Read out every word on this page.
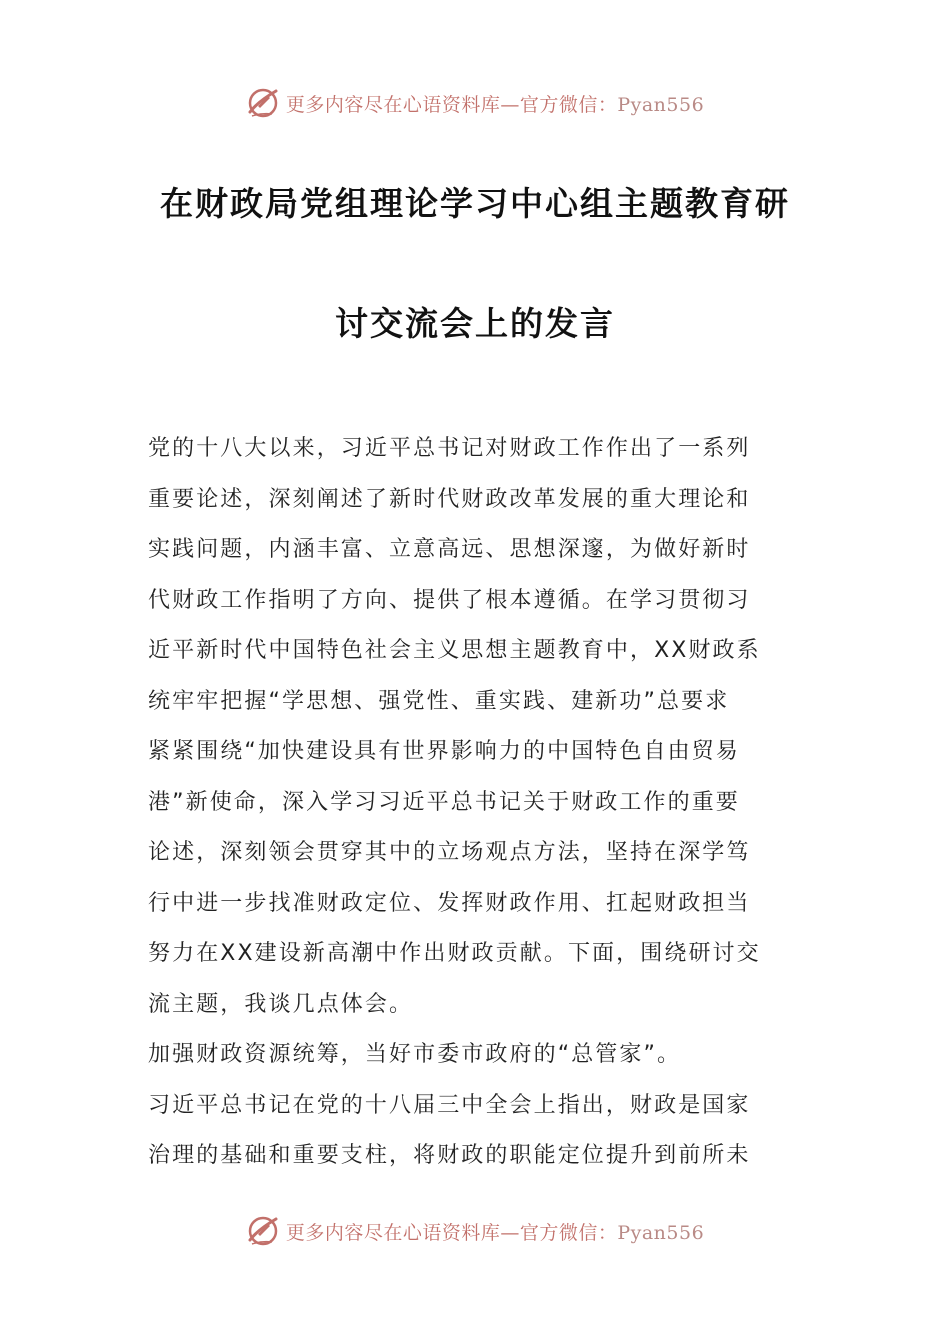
更多内容尽在心语资料库—官方微信：Pyan556
在财政局党组理论学习中心组主题教育研
讨交流会上的发言
党的十八大以来，习近平总书记对财政工作作出了一系列
重要论述，深刻阐述了新时代财政改革发展的重大理论和
实践问题，内涵丰富、立意高远、思想深邃，为做好新时
代财政工作指明了方向、提供了根本遵循。在学习贯彻习
近平新时代中国特色社会主义思想主题教育中，XX财政系
统牢牢把握“学思想、强党性、重实践、建新功”总要求
紧紧围绕“加快建设具有世界影响力的中国特色自由贸易
港”新使命，深入学习习近平总书记关于财政工作的重要
论述，深刻领会贯穿其中的立场观点方法，坚持在深学笃
行中进一步找准财政定位、发挥财政作用、扛起财政担当
努力在XX建设新高潮中作出财政贡献。下面，围绕研讨交
流主题，我谈几点体会。
加强财政资源统筹，当好市委市政府的“总管家”。
习近平总书记在党的十八届三中全会上指出，财政是国家
治理的基础和重要支柱，将财政的职能定位提升到前所未
更多内容尽在心语资料库—官方微信：Pyan556
